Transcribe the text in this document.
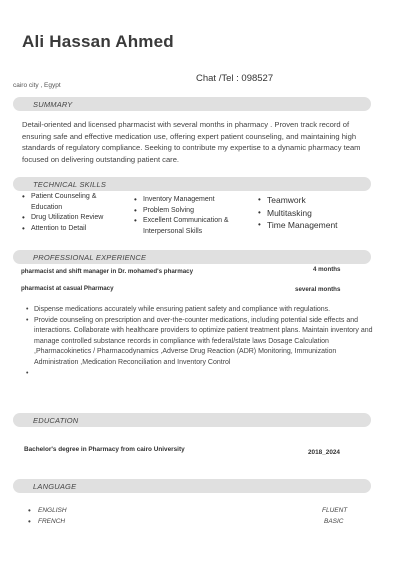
Ali Hassan Ahmed
cairo city , Egypt
Chat /Tel : 098527
SUMMARY
Detail-oriented and licensed pharmacist with several months in pharmacy . Proven track record of ensuring safe and effective medication use, offering expert patient counseling, and maintaining high standards of regulatory compliance. Seeking to contribute my expertise to a dynamic pharmacy team focused on delivering outstanding patient care.
TECHNICAL SKILLS
• Patient Counseling & Education
• Drug Utilization Review
• Attention to Detail
• Inventory Management
• Problem Solving
• Excellent Communication & Interpersonal Skills
• Teamwork
• Multitasking
• Time Management
PROFESSIONAL EXPERIENCE
pharmacist and shift manager in Dr. mohamed's pharmacy	4 months
pharmacist at casual Pharmacy	several months
• Dispense medications accurately while ensuring patient safety and compliance with regulations.
• Provide counseling on prescription and over-the-counter medications, including potential side effects and interactions. Collaborate with healthcare providers to optimize patient treatment plans. Maintain inventory and manage controlled substance records in compliance with federal/state laws Dosage Calculation ,Pharmacokinetics / Pharmacodynamics ,Adverse Drug Reaction (ADR) Monitoring, Immunization Administration ,Medication Reconciliation and Inventory Control
EDUCATION
Bachelor's degree in Pharmacy from cairo University	2018_2024
LANGUAGE
• ENGLISH	FLUENT
• FRENCH	BASIC
